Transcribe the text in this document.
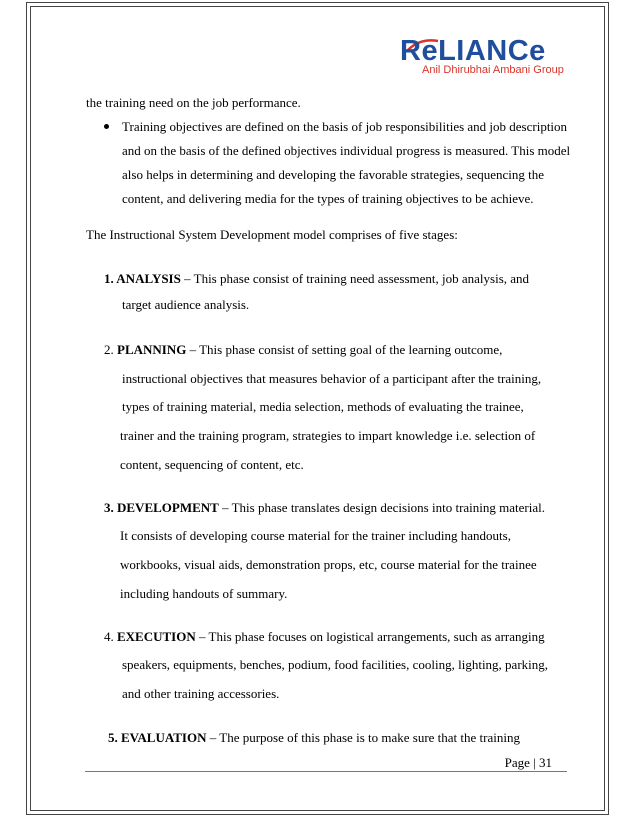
ReLIANCe
Anil Dhirubhai Ambani Group
the training need on the job performance.
Training objectives are defined on the basis of job responsibilities and job description
and on the basis of the defined objectives individual progress is measured. This model
also helps in determining and developing the favorable strategies, sequencing the
content, and delivering media for the types of training objectives to be achieve.
The Instructional System Development model comprises of five stages:
1. ANALYSIS – This phase consist of training need assessment, job analysis, and
target audience analysis.
2. PLANNING – This phase consist of setting goal of the learning outcome,
instructional objectives that measures behavior of a participant after the training,
types of training material, media selection, methods of evaluating the trainee,
trainer and the training program, strategies to impart knowledge i.e. selection of
content, sequencing of content, etc.
3. DEVELOPMENT – This phase translates design decisions into training material.
It consists of developing course material for the trainer including handouts,
workbooks, visual aids, demonstration props, etc, course material for the trainee
including handouts of summary.
4. EXECUTION – This phase focuses on logistical arrangements, such as arranging
speakers, equipments, benches, podium, food facilities, cooling, lighting, parking,
and other training accessories.
5. EVALUATION – The purpose of this phase is to make sure that the training
Page | 31
